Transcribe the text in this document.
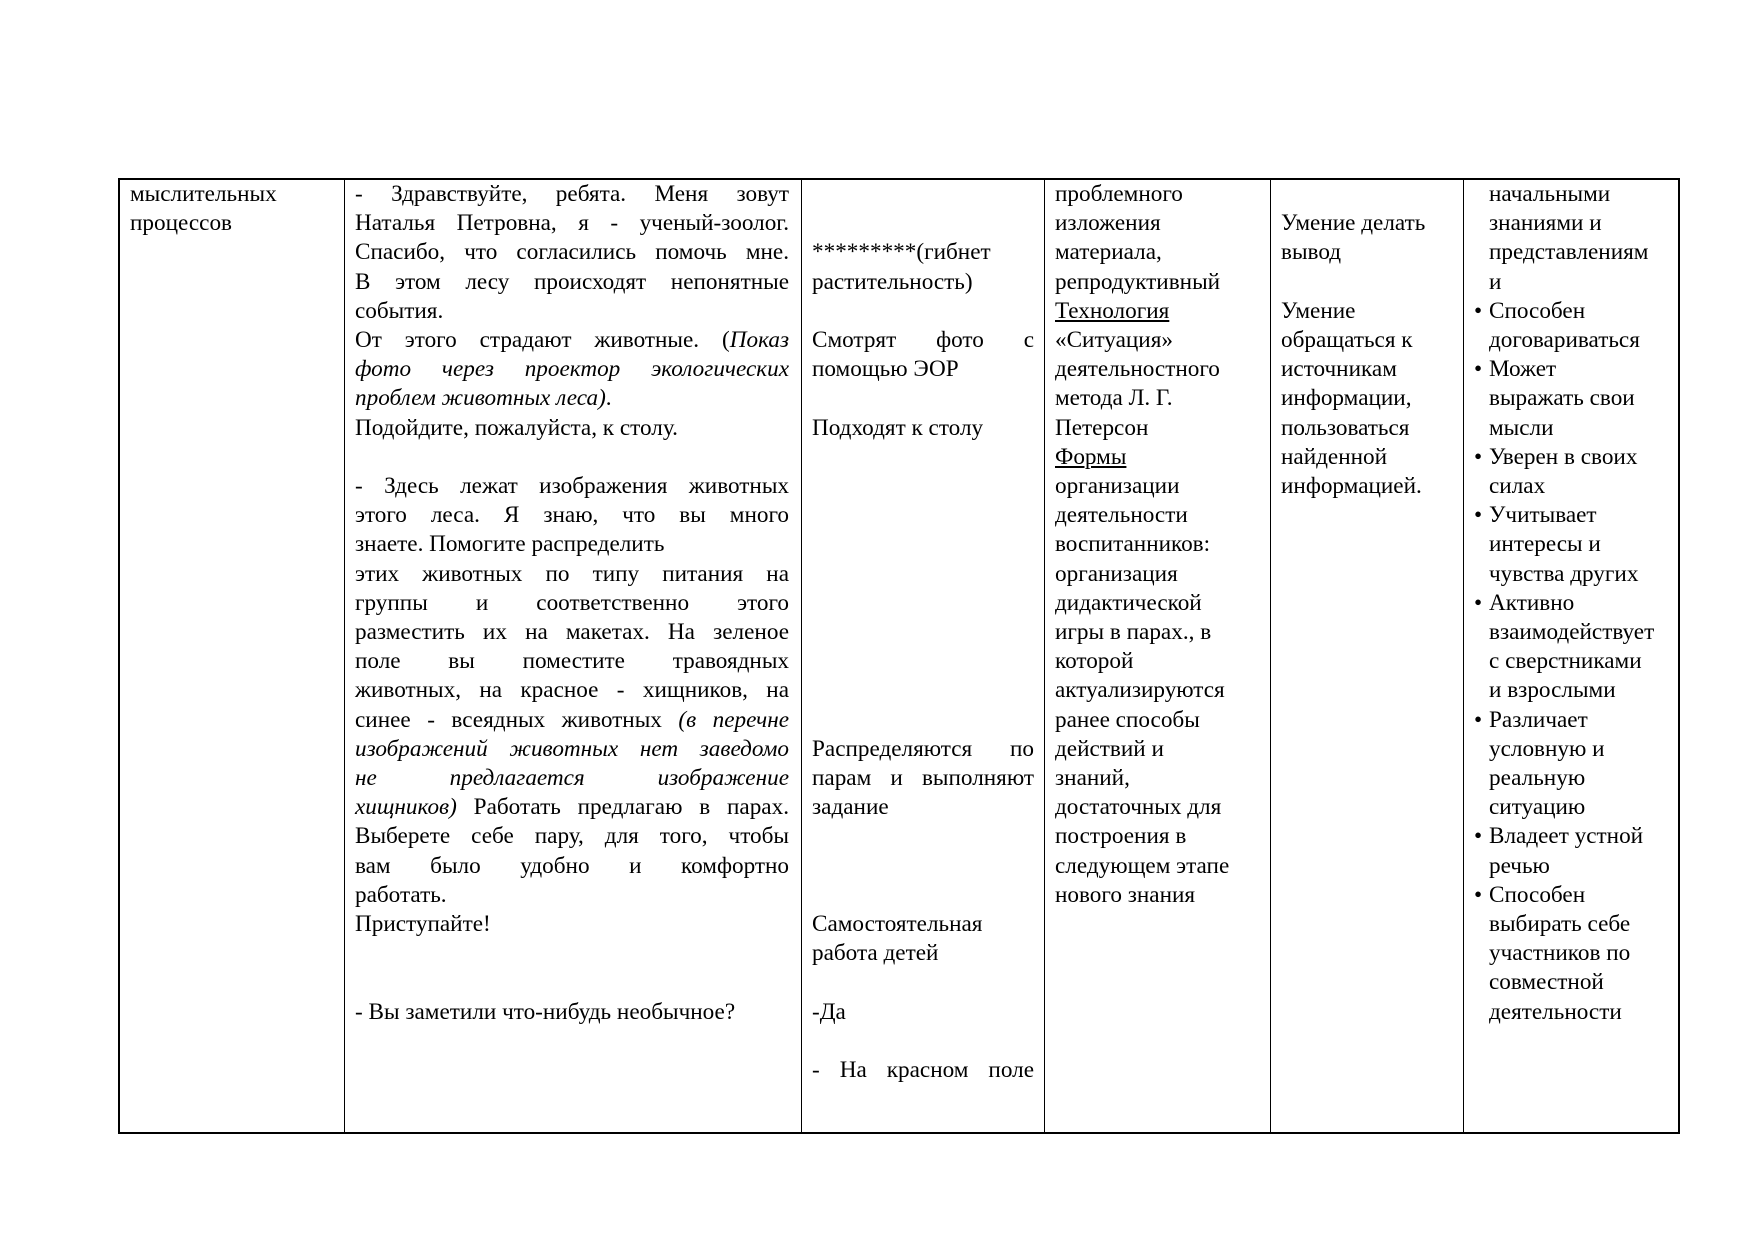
мыслительных

процессов

- Здравствуйте, ребята. Меня зовут

Наталья Петровна, я - ученый-зоолог.

Спасибо, что согласились помочь мне.

В этом лесу происходят непонятные

события.

От этого страдают животные. (Показ

фото через проектор экологических

проблем животных леса).

Подойдите, пожалуйста, к столу.

- Здесь лежат изображения животных

этого леса. Я знаю, что вы много

знаете. Помогите распределить

этих животных по типу питания на

группы и соответственно этого

разместить их на макетах. На зеленое

поле вы поместите травоядных

животных, на красное - хищников, на

синее - всеядных животных (в перечне

изображений животных нет заведомо

не предлагается изображение

хищников) Работать предлагаю в парах.

Выберете себе пару, для того, чтобы

вам было удобно и комфортно

работать.

Приступайте!

- Вы заметили что-нибудь необычное?

*********(гибнет

растительность)

Смотрят фото с

помощью ЭОР

Подходят к столу

Распределяются по

парам и выполняют

задание

Самостоятельная

работа детей

-Да

- На красном поле

проблемного

изложения

материала,

репродуктивный

Технология

«Ситуация»

деятельностного

метода Л. Г.

Петерсон

Формы

организации

деятельности

воспитанников:

организация

дидактической

игры в парах., в

которой

актуализируются

ранее способы

действий и

знаний,

достаточных для

построения в

следующем этапе

нового знания

Умение делать

вывод

Умение

обращаться к

источникам

информации,

пользоваться

найденной

информацией.

начальными

знаниями и

представлениям

и

• Способен
договариваться
• Может
выражать свои
мысли
• Уверен в своих
силах
• Учитывает
интересы и
чувства других
• Активно
взаимодействует
с сверстниками
и взрослыми
• Различает
условную и
реальную
ситуацию
• Владеет устной
речью
• Способен
выбирать себе
участников по
совместной
деятельности
